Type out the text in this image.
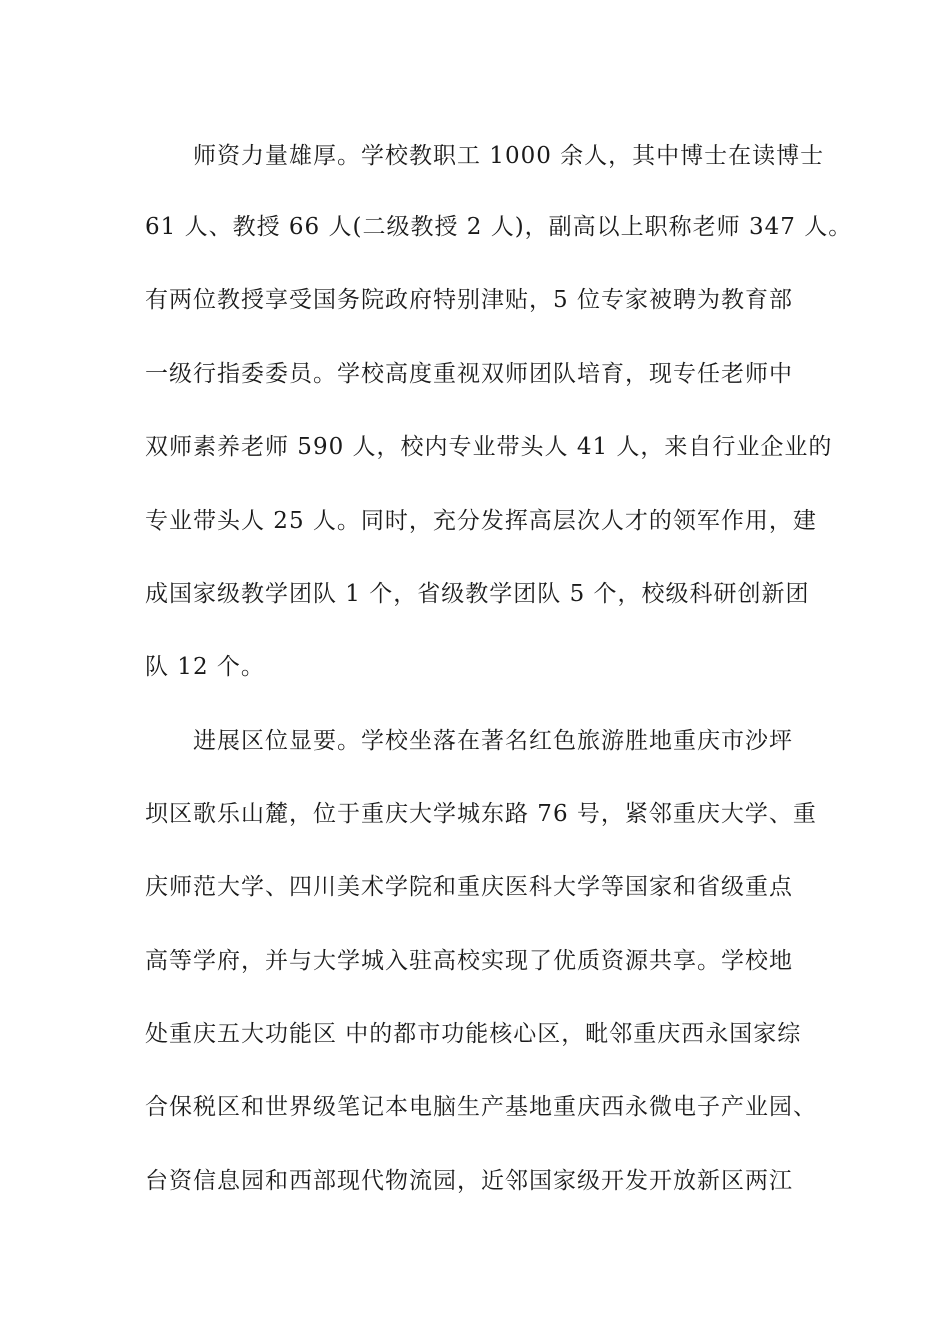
师资力量雄厚。学校教职工 1000 余人，其中博士在读博士
61 人、教授 66 人(二级教授 2 人)，副高以上职称老师 347 人。
有两位教授享受国务院政府特别津贴，5 位专家被聘为教育部
一级行指委委员。学校高度重视双师团队培育，现专任老师中
双师素养老师 590 人，校内专业带头人 41 人，来自行业企业的
专业带头人 25 人。同时，充分发挥高层次人才的领军作用，建
成国家级教学团队 1 个，省级教学团队 5 个，校级科研创新团
队 12 个。
进展区位显要。学校坐落在著名红色旅游胜地重庆市沙坪
坝区歌乐山麓，位于重庆大学城东路 76 号，紧邻重庆大学、重
庆师范大学、四川美术学院和重庆医科大学等国家和省级重点
高等学府，并与大学城入驻高校实现了优质资源共享。学校地
处重庆五大功能区 中的都市功能核心区，毗邻重庆西永国家综
合保税区和世界级笔记本电脑生产基地重庆西永微电子产业园、
台资信息园和西部现代物流园，近邻国家级开发开放新区两江
